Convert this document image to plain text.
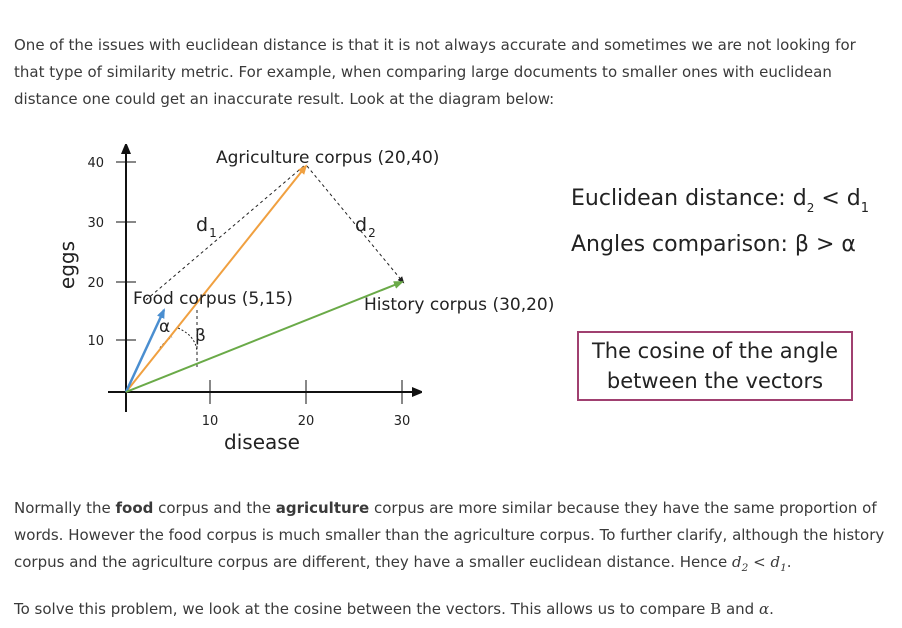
One of the issues with euclidean distance is that it is not always accurate and sometimes we are not looking for that type of similarity metric. For example, when comparing large documents to smaller ones with euclidean distance one could get an inaccurate result. Look at the diagram below:

10
20
30
40
10	20	30
eggs
disease
Agriculture corpus (20,40)
Food corpus (5,15)	History corpus (30,20)
$d_1$	$d_2$
α β
Euclidean distance: $d_2 < d_1$
Angles comparison: β > α
The cosine of the angle between the vectors

Normally the food corpus and the agriculture corpus are more similar because they have the same proportion of words. However the food corpus is much smaller than the agriculture corpus. To further clarify, although the history corpus and the agriculture corpus are different, they have a smaller euclidean distance. Hence $d_2 < d_1$.

To solve this problem, we look at the cosine between the vectors. This allows us to compare B and α.
